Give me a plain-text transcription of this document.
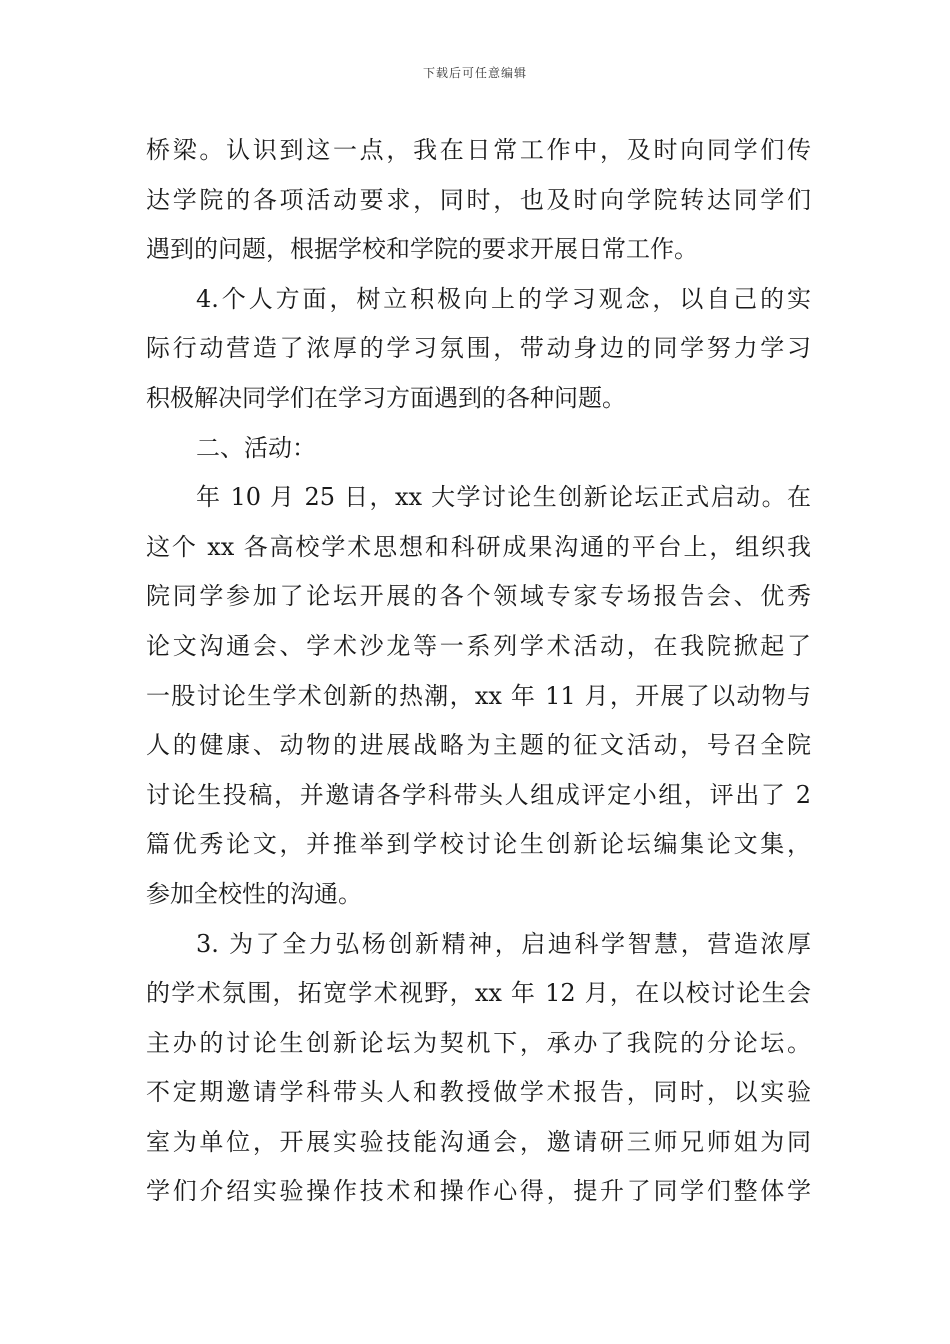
下载后可任意编辑
桥梁。认识到这一点，我在日常工作中，及时向同学们传
达学院的各项活动要求，同时，也及时向学院转达同学们
遇到的问题，根据学校和学院的要求开展日常工作。
4.个人方面，树立积极向上的学习观念，以自己的实
际行动营造了浓厚的学习氛围，带动身边的同学努力学习
积极解决同学们在学习方面遇到的各种问题。
二、活动：
年 10 月 25 日，xx 大学讨论生创新论坛正式启动。在
这个 xx 各高校学术思想和科研成果沟通的平台上，组织我
院同学参加了论坛开展的各个领域专家专场报告会、优秀
论文沟通会、学术沙龙等一系列学术活动，在我院掀起了
一股讨论生学术创新的热潮，xx 年 11 月，开展了以动物与
人的健康、动物的进展战略为主题的征文活动，号召全院
讨论生投稿，并邀请各学科带头人组成评定小组，评出了 2
篇优秀论文，并推举到学校讨论生创新论坛编集论文集，
参加全校性的沟通。
3. 为了全力弘杨创新精神，启迪科学智慧，营造浓厚
的学术氛围，拓宽学术视野，xx 年 12 月，在以校讨论生会
主办的讨论生创新论坛为契机下，承办了我院的分论坛。
不定期邀请学科带头人和教授做学术报告，同时，以实验
室为单位，开展实验技能沟通会，邀请研三师兄师姐为同
学们介绍实验操作技术和操作心得，提升了同学们整体学
